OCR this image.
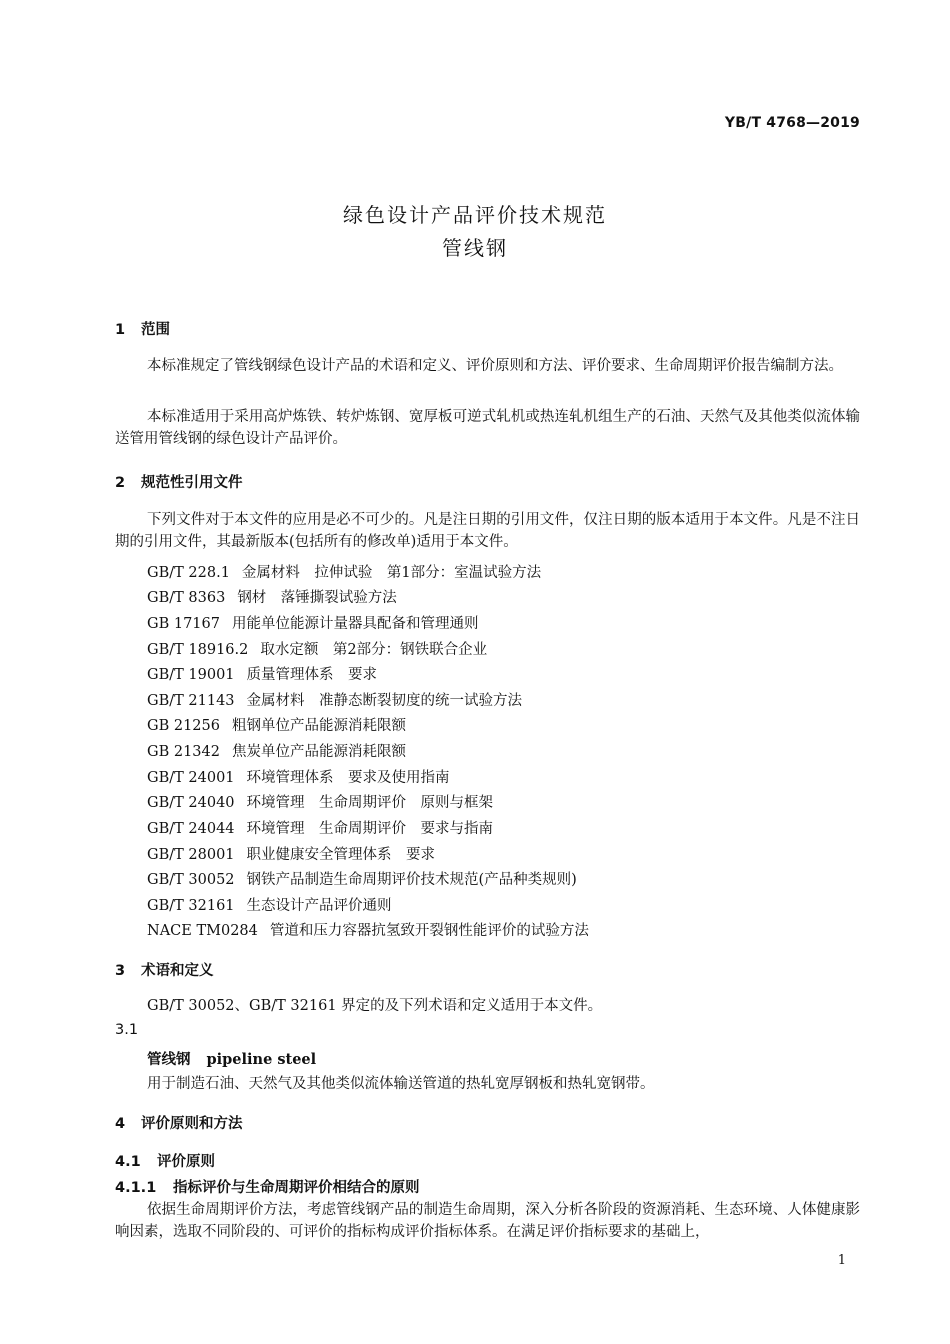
YB/T 4768—2019
绿色设计产品评价技术规范
管线钢
1 范围
本标准规定了管线钢绿色设计产品的术语和定义、评价原则和方法、评价要求、生命周期评价报告编制方法。
本标准适用于采用高炉炼铁、转炉炼钢、宽厚板可逆式轧机或热连轧机组生产的石油、天然气及其他类似流体输送管用管线钢的绿色设计产品评价。
2 规范性引用文件
下列文件对于本文件的应用是必不可少的。凡是注日期的引用文件，仅注日期的版本适用于本文件。凡是不注日期的引用文件，其最新版本(包括所有的修改单)适用于本文件。
GB/T 228.1 金属材料　拉伸试验　第1部分：室温试验方法
GB/T 8363 钢材　落锤撕裂试验方法
GB 17167 用能单位能源计量器具配备和管理通则
GB/T 18916.2 取水定额　第2部分：钢铁联合企业
GB/T 19001 质量管理体系　要求
GB/T 21143 金属材料　准静态断裂韧度的统一试验方法
GB 21256 粗钢单位产品能源消耗限额
GB 21342 焦炭单位产品能源消耗限额
GB/T 24001 环境管理体系　要求及使用指南
GB/T 24040 环境管理　生命周期评价　原则与框架
GB/T 24044 环境管理　生命周期评价　要求与指南
GB/T 28001 职业健康安全管理体系　要求
GB/T 30052 钢铁产品制造生命周期评价技术规范(产品种类规则)
GB/T 32161 生态设计产品评价通则
NACE TM0284 管道和压力容器抗氢致开裂钢性能评价的试验方法
3 术语和定义
GB/T 30052、GB/T 32161 界定的及下列术语和定义适用于本文件。
3.1
管线钢 pipeline steel
用于制造石油、天然气及其他类似流体输送管道的热轧宽厚钢板和热轧宽钢带。
4 评价原则和方法
4.1 评价原则
4.1.1 指标评价与生命周期评价相结合的原则
依据生命周期评价方法，考虑管线钢产品的制造生命周期，深入分析各阶段的资源消耗、生态环境、人体健康影响因素，选取不同阶段的、可评价的指标构成评价指标体系。在满足评价指标要求的基础上，
1
